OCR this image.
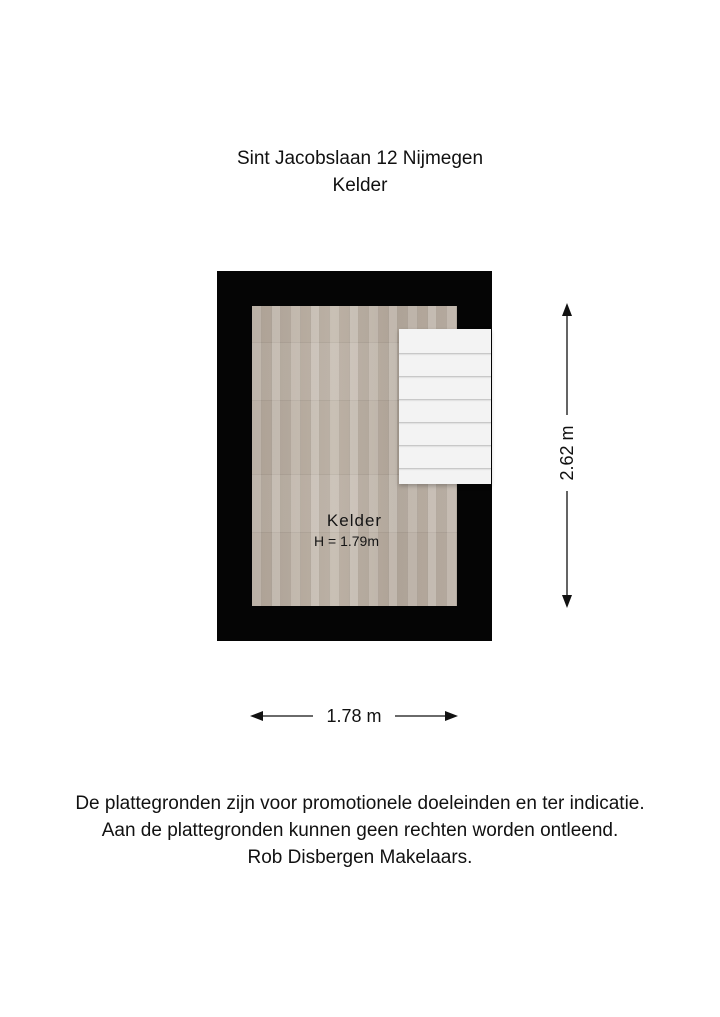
Sint Jacobslaan 12 Nijmegen
Kelder
Kelder
H = 1.79m
2.62 m
1.78 m
De plattegronden zijn voor promotionele doeleinden en ter indicatie.
Aan de plattegronden kunnen geen rechten worden ontleend.
Rob Disbergen Makelaars.
